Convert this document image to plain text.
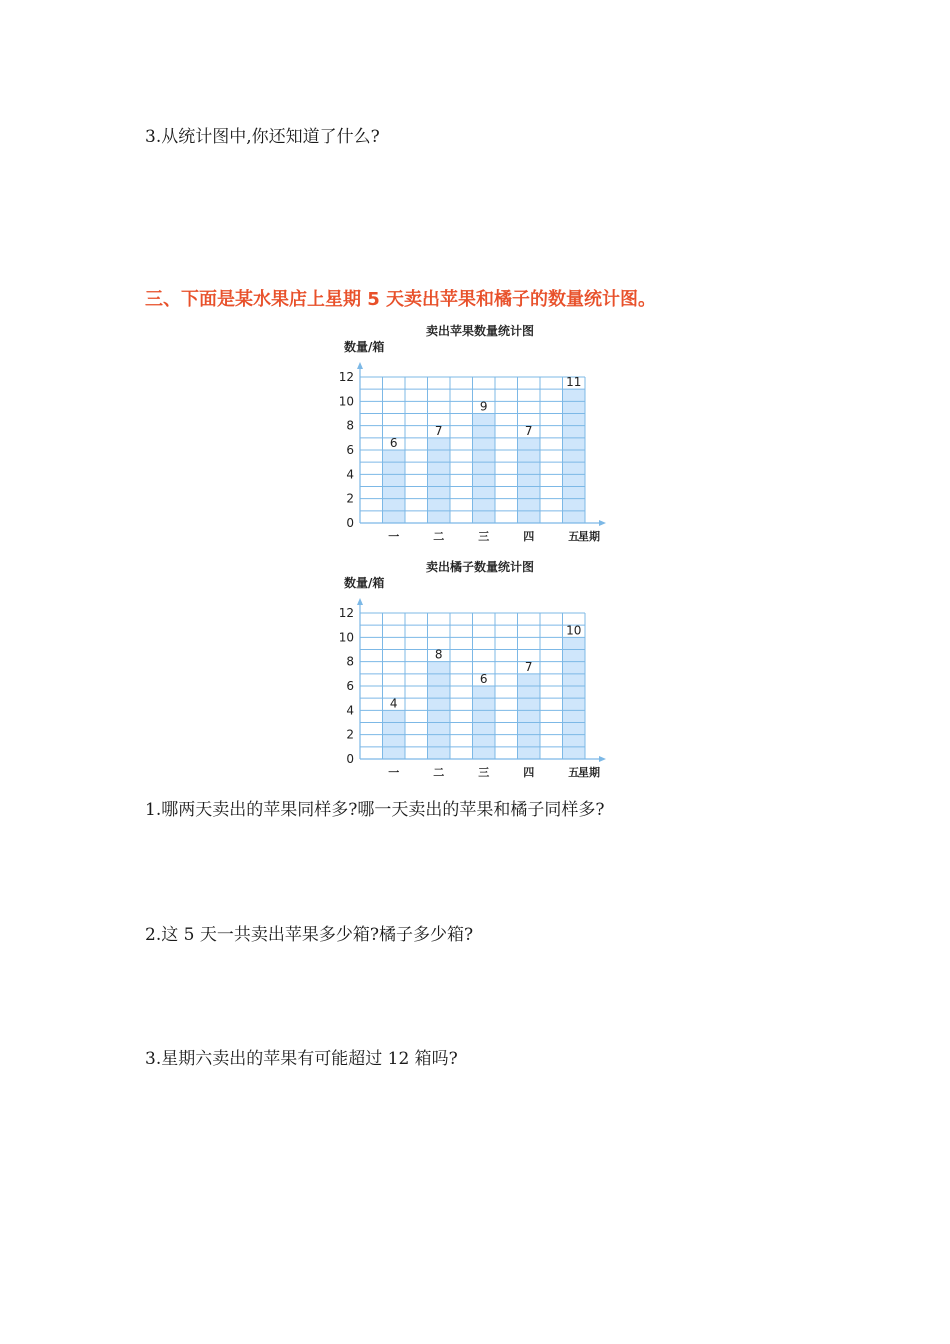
3.从统计图中,你还知道了什么?
三、下面是某水果店上星期 5 天卖出苹果和橘子的数量统计图。
卖出苹果数量统计图
数量/箱
星期
0
2
4
6
8
10
12
一
6
二
7
三
9
四
7
五
11
卖出橘子数量统计图
数量/箱
星期
0
2
4
6
8
10
12
一
4
二
8
三
6
四
7
五
10
1.哪两天卖出的苹果同样多?哪一天卖出的苹果和橘子同样多?
2.这 5 天一共卖出苹果多少箱?橘子多少箱?
3.星期六卖出的苹果有可能超过 12 箱吗?
